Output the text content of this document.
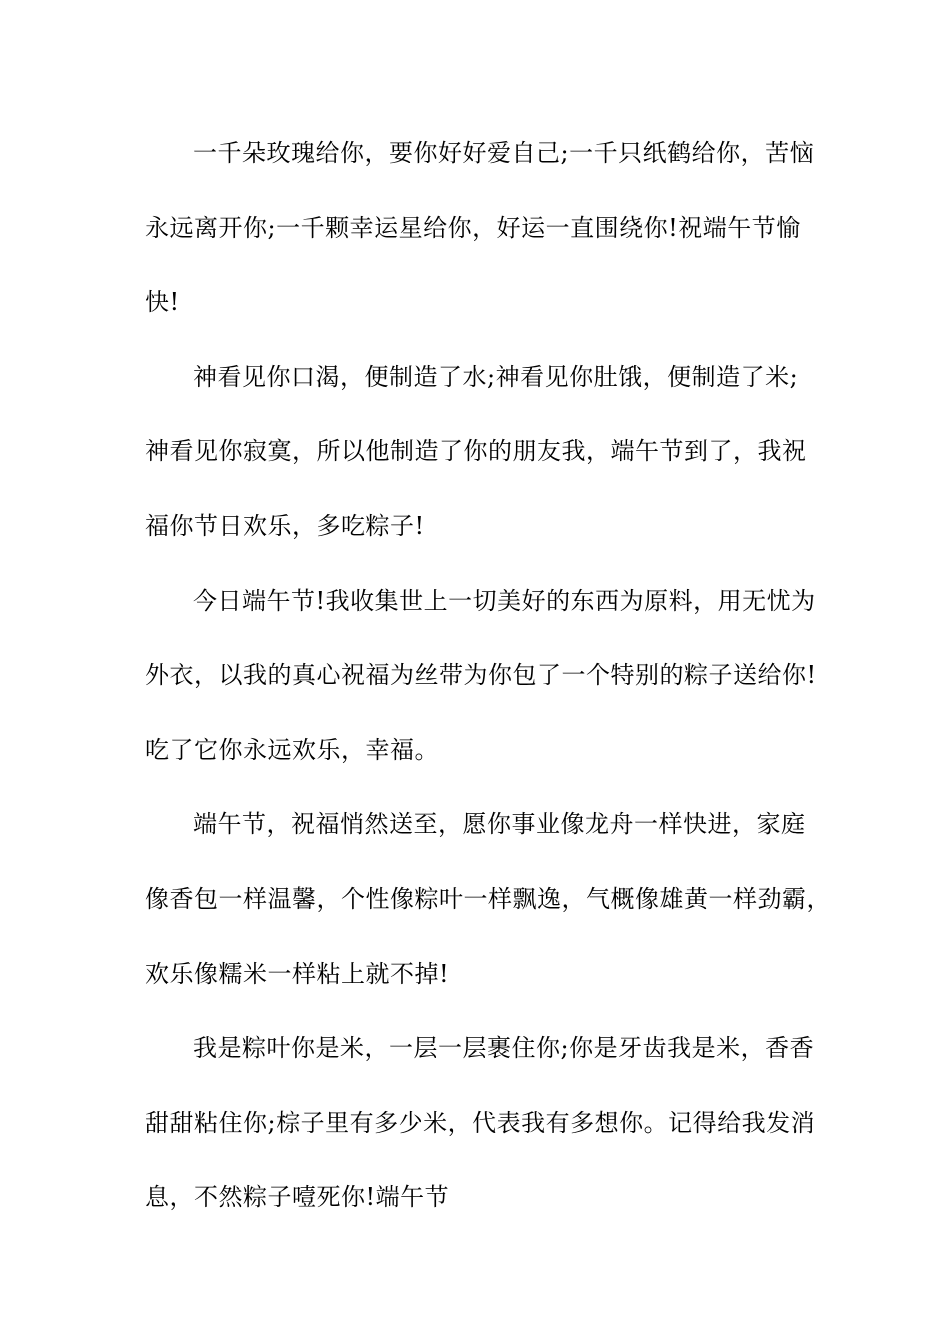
一千朵玫瑰给你，要你好好爱自己;一千只纸鹤给你，苦恼
永远离开你;一千颗幸运星给你，好运一直围绕你!祝端午节愉
快!
神看见你口渴，便制造了水;神看见你肚饿，便制造了米;
神看见你寂寞，所以他制造了你的朋友我，端午节到了，我祝
福你节日欢乐，多吃粽子!
今日端午节!我收集世上一切美好的东西为原料，用无忧为
外衣，以我的真心祝福为丝带为你包了一个特别的粽子送给你!
吃了它你永远欢乐，幸福。
端午节，祝福悄然送至，愿你事业像龙舟一样快进，家庭
像香包一样温馨，个性像粽叶一样飘逸，气概像雄黄一样劲霸，
欢乐像糯米一样粘上就不掉!
我是粽叶你是米，一层一层裹住你;你是牙齿我是米，香香
甜甜粘住你;棕子里有多少米，代表我有多想你。记得给我发消
息，不然粽子噎死你!端午节
